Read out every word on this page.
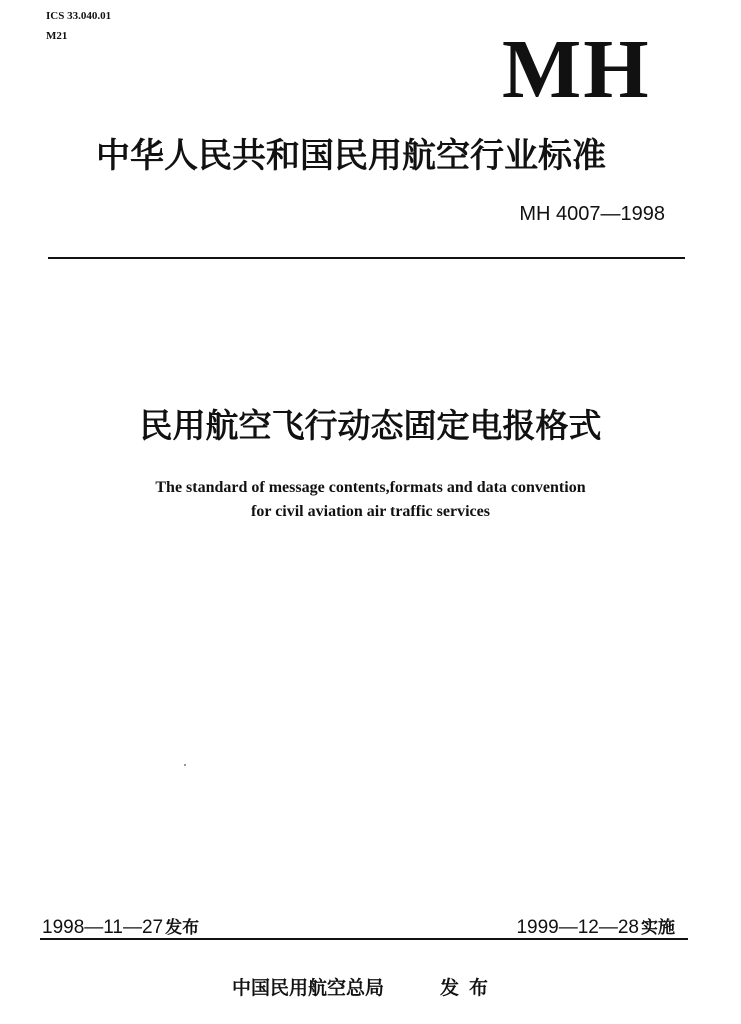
ICS 33.040.01
M21	MH
中华人民共和国民用航空行业标准
MH 4007—1998
民用航空飞行动态固定电报格式
The standard of message contents,formats and data convention
for civil aviation air traffic services
1998—11—27 发布	1999—12—28 实施
中国民用航空总局	发布
